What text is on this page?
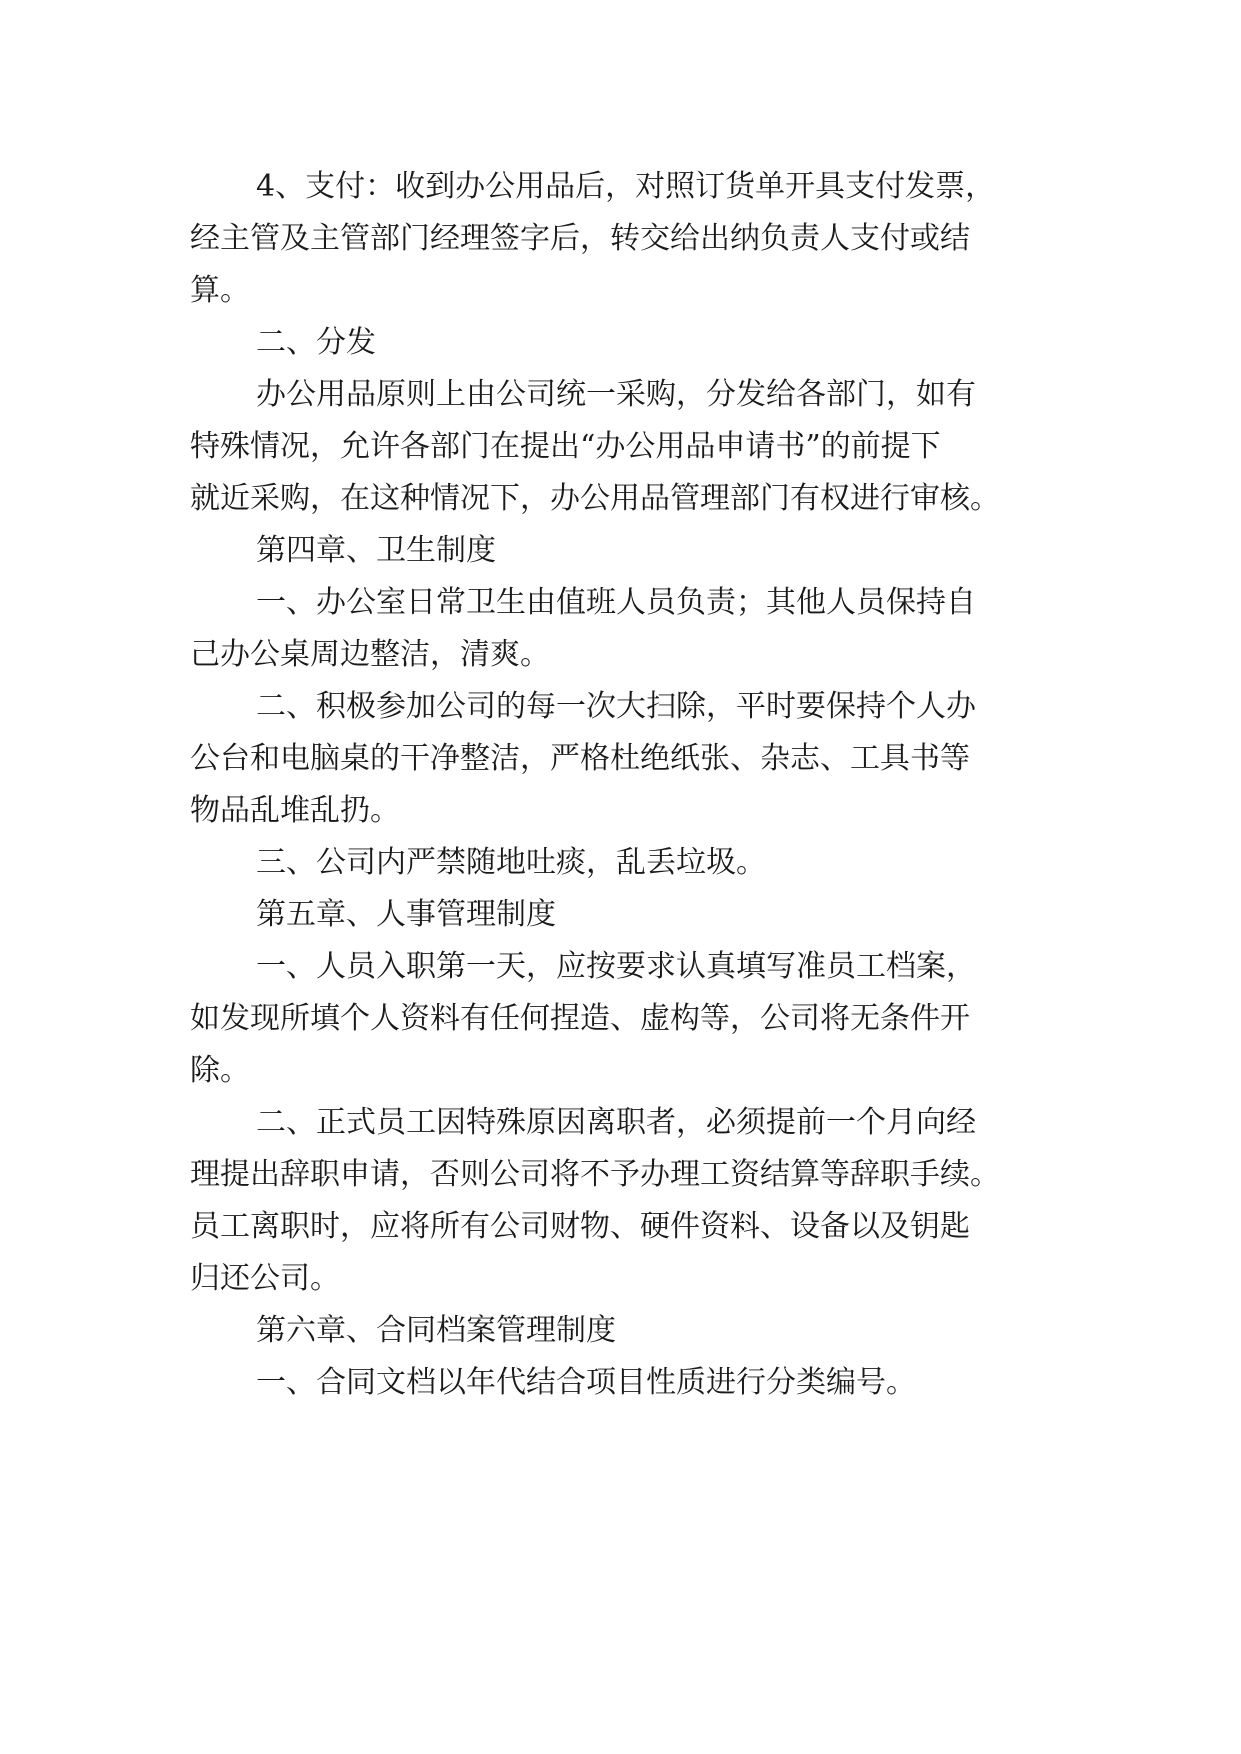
4、支付：收到办公用品后，对照订货单开具支付发票，
经主管及主管部门经理签字后，转交给出纳负责人支付或结
算。
二、分发
办公用品原则上由公司统一采购，分发给各部门，如有
特殊情况，允许各部门在提出“办公用品申请书”的前提下
就近采购，在这种情况下，办公用品管理部门有权进行审核。
第四章、卫生制度
一、办公室日常卫生由值班人员负责；其他人员保持自
己办公桌周边整洁，清爽。
二、积极参加公司的每一次大扫除，平时要保持个人办
公台和电脑桌的干净整洁，严格杜绝纸张、杂志、工具书等
物品乱堆乱扔。
三、公司内严禁随地吐痰，乱丢垃圾。
第五章、人事管理制度
一、人员入职第一天，应按要求认真填写准员工档案，
如发现所填个人资料有任何捏造、虚构等，公司将无条件开
除。
二、正式员工因特殊原因离职者，必须提前一个月向经
理提出辞职申请，否则公司将不予办理工资结算等辞职手续。
员工离职时，应将所有公司财物、硬件资料、设备以及钥匙
归还公司。
第六章、合同档案管理制度
一、合同文档以年代结合项目性质进行分类编号。
